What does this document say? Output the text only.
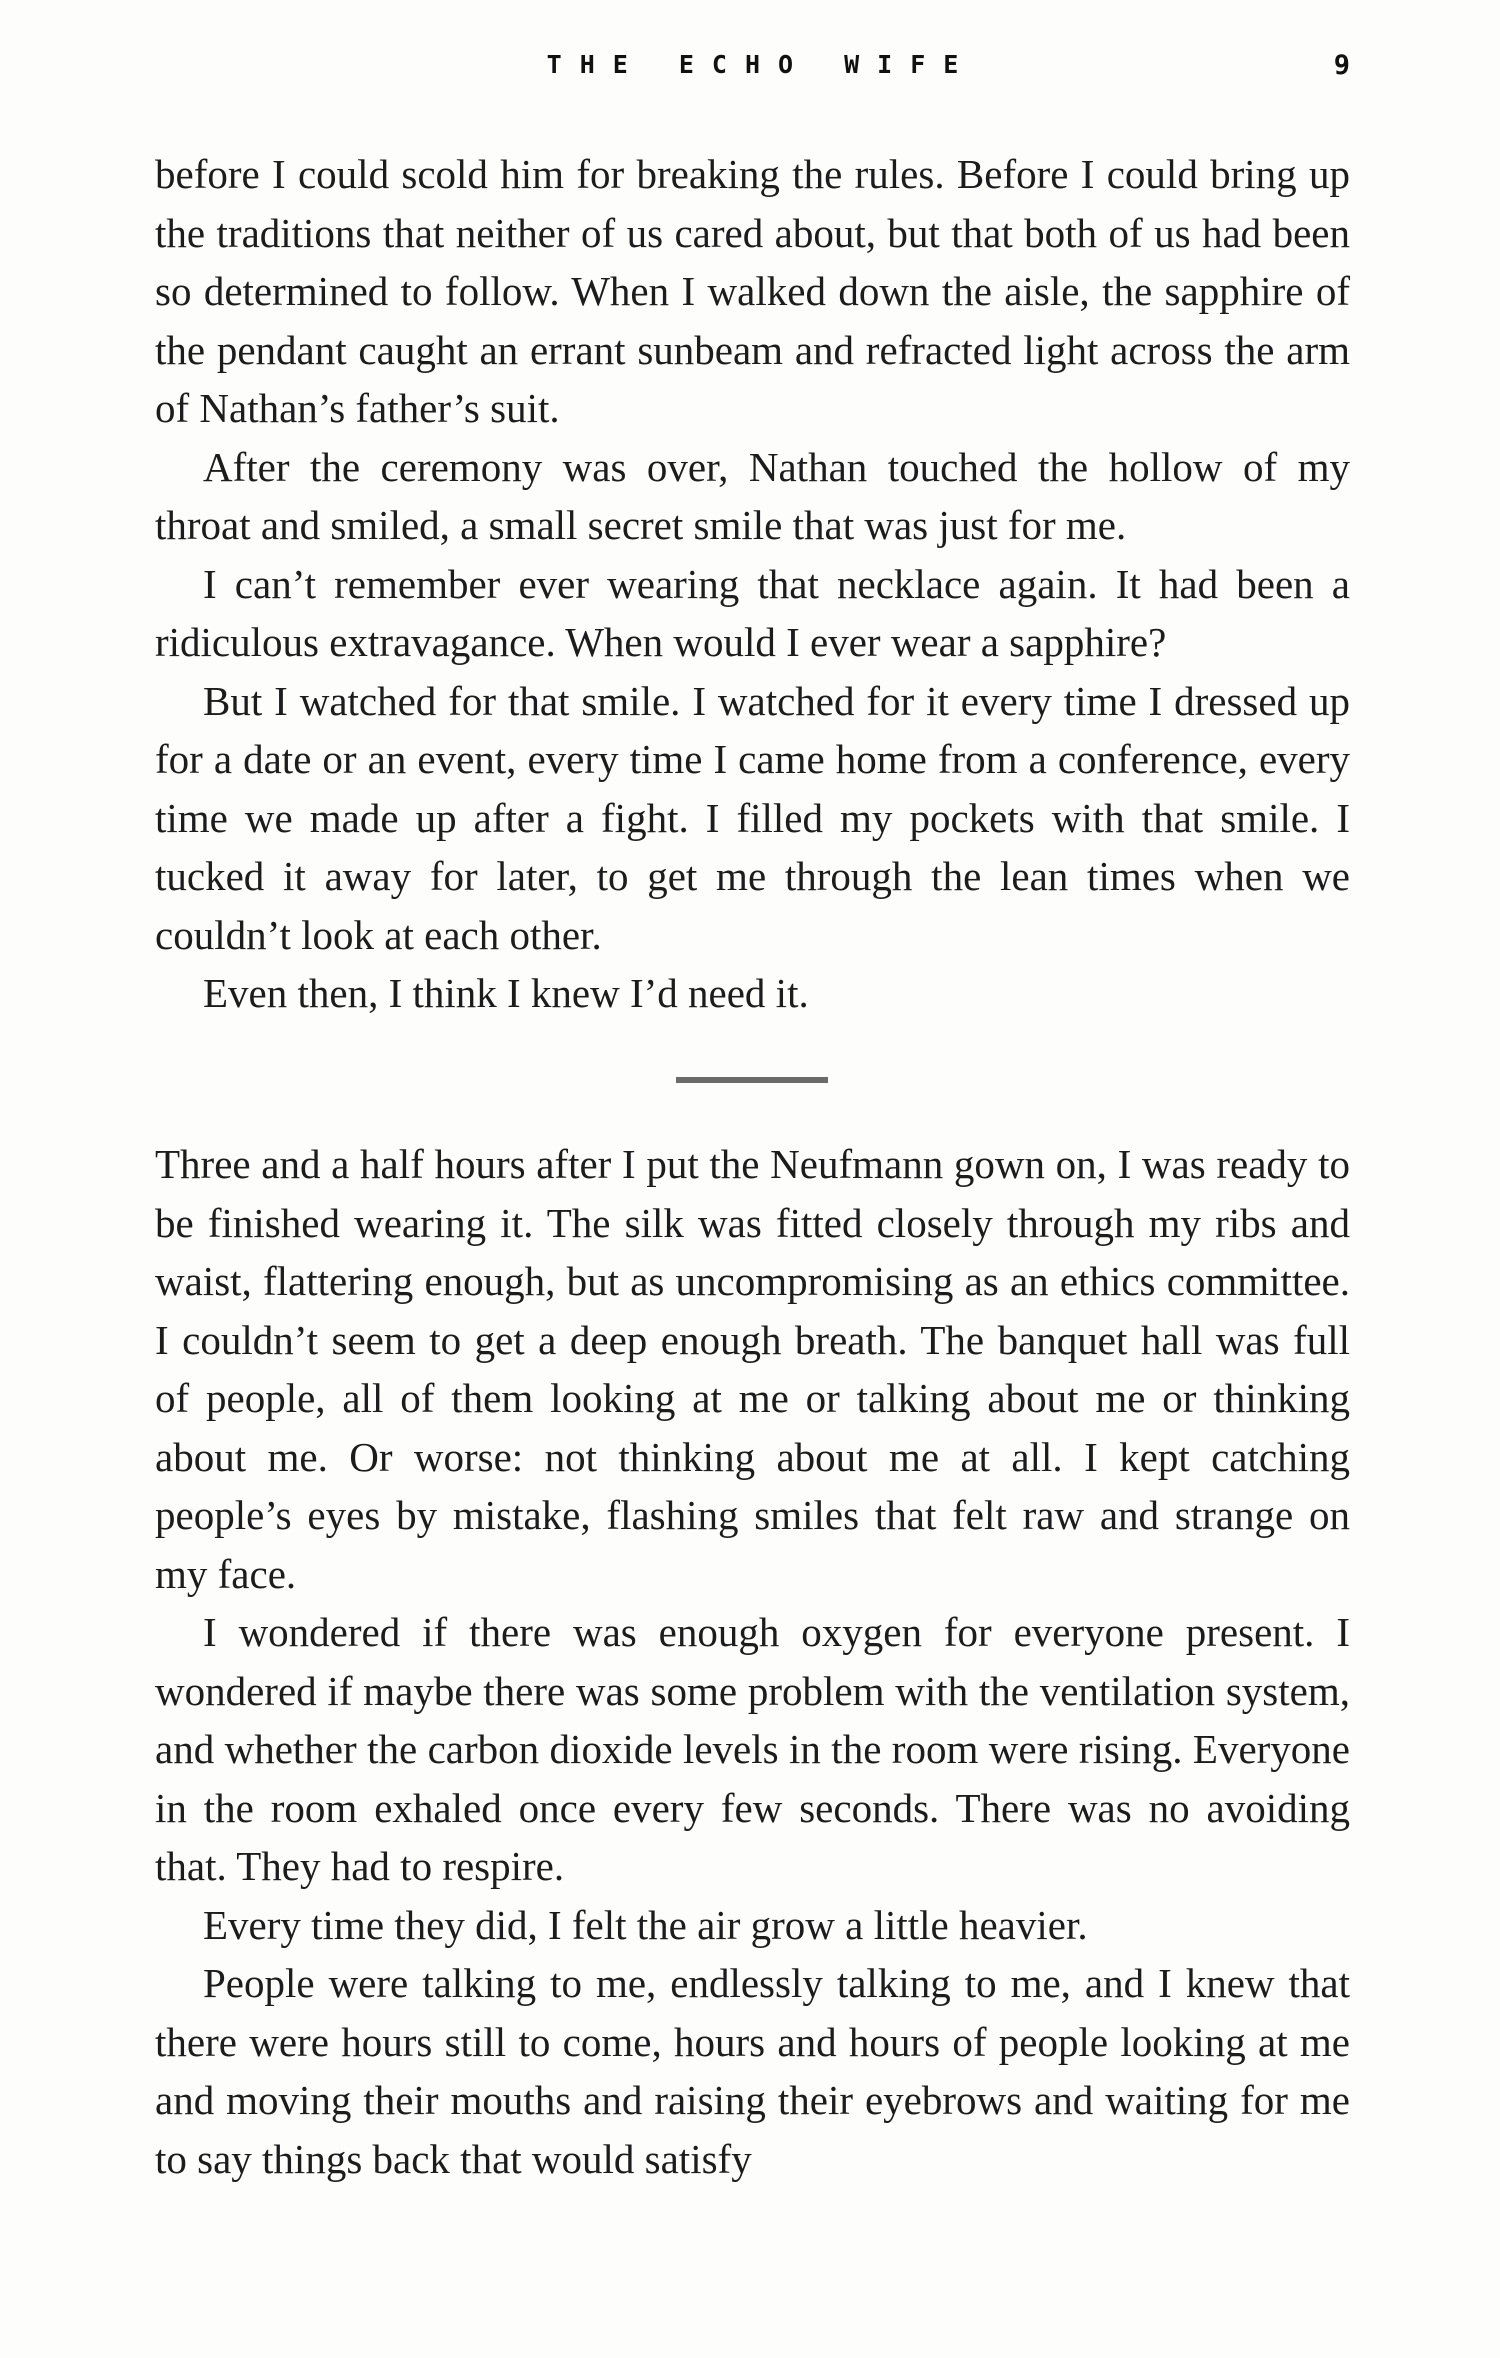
THE ECHO WIFE	9

before I could scold him for breaking the rules. Before I could bring up the traditions that neither of us cared about, but that both of us had been so determined to follow. When I walked down the aisle, the sapphire of the pendant caught an errant sunbeam and refracted light across the arm of Nathan’s father’s suit.

After the ceremony was over, Nathan touched the hollow of my throat and smiled, a small secret smile that was just for me.

I can’t remember ever wearing that necklace again. It had been a ridiculous extravagance. When would I ever wear a sapphire?

But I watched for that smile. I watched for it every time I dressed up for a date or an event, every time I came home from a conference, every time we made up after a fight. I filled my pockets with that smile. I tucked it away for later, to get me through the lean times when we couldn’t look at each other.

Even then, I think I knew I’d need it.

Three and a half hours after I put the Neufmann gown on, I was ready to be finished wearing it. The silk was fitted closely through my ribs and waist, flattering enough, but as uncompromising as an ethics committee. I couldn’t seem to get a deep enough breath. The banquet hall was full of people, all of them looking at me or talking about me or thinking about me. Or worse: not thinking about me at all. I kept catching people’s eyes by mistake, flashing smiles that felt raw and strange on my face.

I wondered if there was enough oxygen for everyone present. I wondered if maybe there was some problem with the ventilation system, and whether the carbon dioxide levels in the room were rising. Everyone in the room exhaled once every few seconds. There was no avoiding that. They had to respire.

Every time they did, I felt the air grow a little heavier.

People were talking to me, endlessly talking to me, and I knew that there were hours still to come, hours and hours of people looking at me and moving their mouths and raising their eyebrows and waiting for me to say things back that would satisfy
